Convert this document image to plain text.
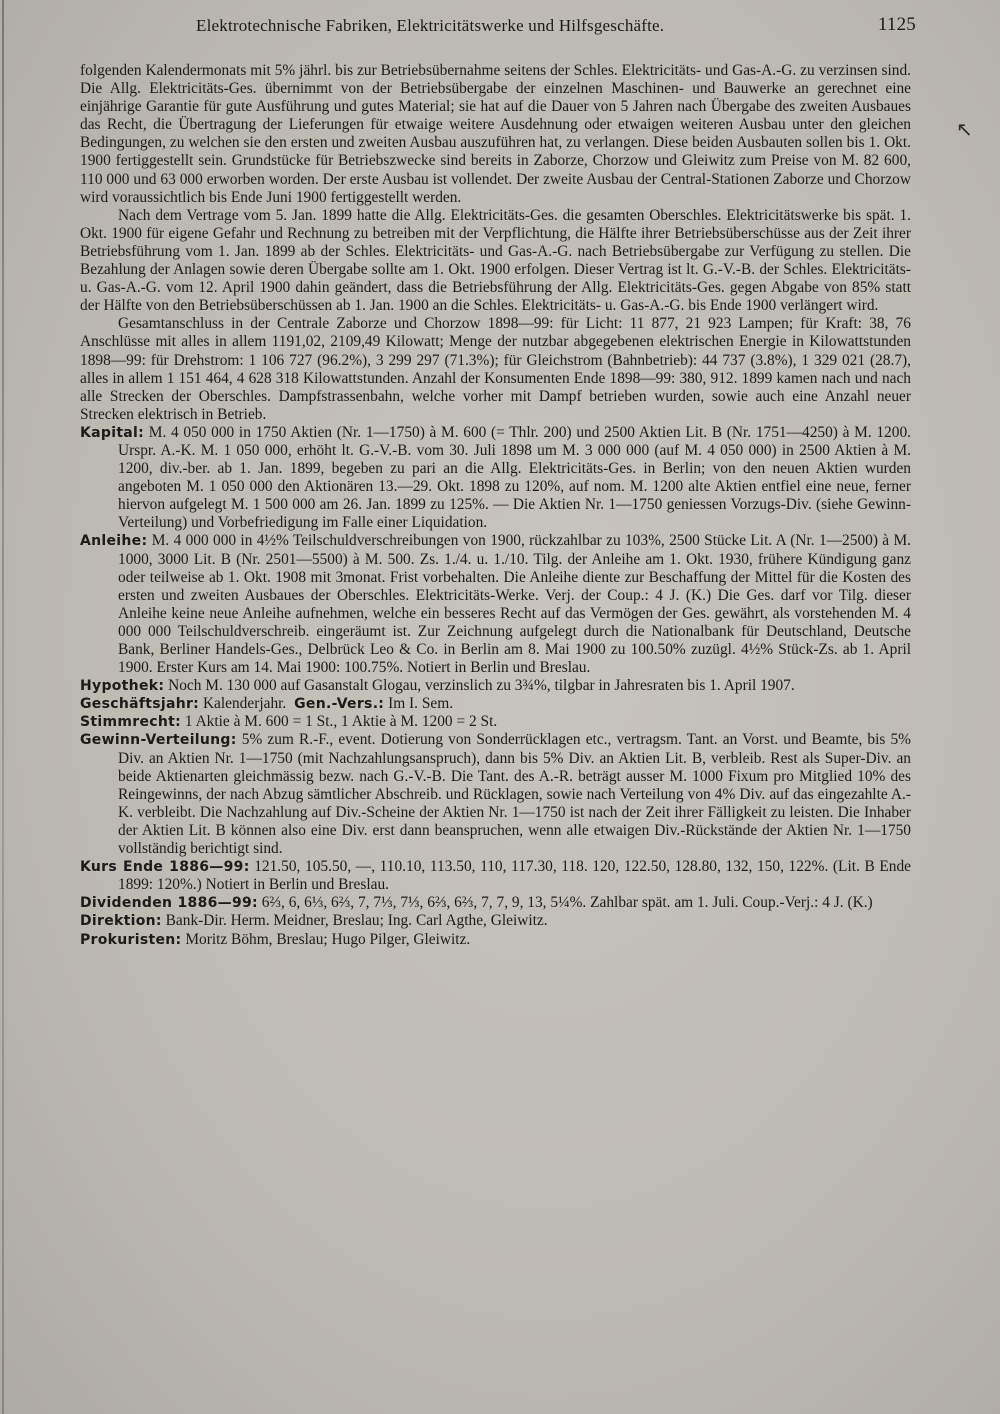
Elektrotechnische Fabriken, Elektricitätswerke und Hilfsgeschäfte.	1125
↖

folgenden Kalendermonats mit 5% jährl. bis zur Betriebsübernahme seitens der Schles. Elektricitäts- und Gas-A.-G. zu verzinsen sind. Die Allg. Elektricitäts-Ges. übernimmt von der Betriebsübergabe der einzelnen Maschinen- und Bauwerke an gerechnet eine einjährige Garantie für gute Ausführung und gutes Material; sie hat auf die Dauer von 5 Jahren nach Übergabe des zweiten Ausbaues das Recht, die Übertragung der Lieferungen für etwaige weitere Ausdehnung oder etwaigen weiteren Ausbau unter den gleichen Bedingungen, zu welchen sie den ersten und zweiten Ausbau auszuführen hat, zu verlangen. Diese beiden Ausbauten sollen bis 1. Okt. 1900 fertiggestellt sein. Grundstücke für Betriebszwecke sind bereits in Zaborze, Chorzow und Gleiwitz zum Preise von M. 82 600, 110 000 und 63 000 erworben worden. Der erste Ausbau ist vollendet. Der zweite Ausbau der Central-Stationen Zaborze und Chorzow wird voraussichtlich bis Ende Juni 1900 fertiggestellt werden.

Nach dem Vertrage vom 5. Jan. 1899 hatte die Allg. Elektricitäts-Ges. die gesamten Oberschles. Elektricitätswerke bis spät. 1. Okt. 1900 für eigene Gefahr und Rechnung zu betreiben mit der Verpflichtung, die Hälfte ihrer Betriebsüberschüsse aus der Zeit ihrer Betriebsführung vom 1. Jan. 1899 ab der Schles. Elektricitäts- und Gas-A.-G. nach Betriebsübergabe zur Verfügung zu stellen. Die Bezahlung der Anlagen sowie deren Übergabe sollte am 1. Okt. 1900 erfolgen. Dieser Vertrag ist lt. G.-V.-B. der Schles. Elektricitäts- u. Gas-A.-G. vom 12. April 1900 dahin geändert, dass die Betriebsführung der Allg. Elektricitäts-Ges. gegen Abgabe von 85% statt der Hälfte von den Betriebsüberschüssen ab 1. Jan. 1900 an die Schles. Elektricitäts- u. Gas-A.-G. bis Ende 1900 verlängert wird.

Gesamtanschluss in der Centrale Zaborze und Chorzow 1898—99: für Licht: 11 877, 21 923 Lampen; für Kraft: 38, 76 Anschlüsse mit alles in allem 1191,02, 2109,49 Kilowatt; Menge der nutzbar abgegebenen elektrischen Energie in Kilowattstunden 1898—99: für Drehstrom: 1 106 727 (96.2%), 3 299 297 (71.3%); für Gleichstrom (Bahnbetrieb): 44 737 (3.8%), 1 329 021 (28.7), alles in allem 1 151 464, 4 628 318 Kilowattstunden. Anzahl der Konsumenten Ende 1898—99: 380, 912. 1899 kamen nach und nach alle Strecken der Oberschles. Dampfstrassenbahn, welche vorher mit Dampf betrieben wurden, sowie auch eine Anzahl neuer Strecken elektrisch in Betrieb.

Kapital: M. 4 050 000 in 1750 Aktien (Nr. 1—1750) à M. 600 (= Thlr. 200) und 2500 Aktien Lit. B (Nr. 1751—4250) à M. 1200. Urspr. A.-K. M. 1 050 000, erhöht lt. G.-V.-B. vom 30. Juli 1898 um M. 3 000 000 (auf M. 4 050 000) in 2500 Aktien à M. 1200, div.-ber. ab 1. Jan. 1899, begeben zu pari an die Allg. Elektricitäts-Ges. in Berlin; von den neuen Aktien wurden angeboten M. 1 050 000 den Aktionären 13.—29. Okt. 1898 zu 120%, auf nom. M. 1200 alte Aktien entfiel eine neue, ferner hiervon aufgelegt M. 1 500 000 am 26. Jan. 1899 zu 125%. — Die Aktien Nr. 1—1750 geniessen Vorzugs-Div. (siehe Gewinn-Verteilung) und Vorbefriedigung im Falle einer Liquidation.

Anleihe: M. 4 000 000 in 4½% Teilschuldverschreibungen von 1900, rückzahlbar zu 103%, 2500 Stücke Lit. A (Nr. 1—2500) à M. 1000, 3000 Lit. B (Nr. 2501—5500) à M. 500. Zs. 1./4. u. 1./10. Tilg. der Anleihe am 1. Okt. 1930, frühere Kündigung ganz oder teilweise ab 1. Okt. 1908 mit 3monat. Frist vorbehalten. Die Anleihe diente zur Beschaffung der Mittel für die Kosten des ersten und zweiten Ausbaues der Oberschles. Elektricitäts-Werke. Verj. der Coup.: 4 J. (K.) Die Ges. darf vor Tilg. dieser Anleihe keine neue Anleihe aufnehmen, welche ein besseres Recht auf das Vermögen der Ges. gewährt, als vorstehenden M. 4 000 000 Teilschuldverschreib. eingeräumt ist. Zur Zeichnung aufgelegt durch die Nationalbank für Deutschland, Deutsche Bank, Berliner Handels-Ges., Delbrück Leo & Co. in Berlin am 8. Mai 1900 zu 100.50% zuzügl. 4½% Stück-Zs. ab 1. April 1900. Erster Kurs am 14. Mai 1900: 100.75%. Notiert in Berlin und Breslau.

Hypothek: Noch M. 130 000 auf Gasanstalt Glogau, verzinslich zu 3¾%, tilgbar in Jahresraten bis 1. April 1907.

Geschäftsjahr: Kalenderjahr. Gen.-Vers.: Im I. Sem.

Stimmrecht: 1 Aktie à M. 600 = 1 St., 1 Aktie à M. 1200 = 2 St.

Gewinn-Verteilung: 5% zum R.-F., event. Dotierung von Sonderrücklagen etc., vertragsm. Tant. an Vorst. und Beamte, bis 5% Div. an Aktien Nr. 1—1750 (mit Nachzahlungsanspruch), dann bis 5% Div. an Aktien Lit. B, verbleib. Rest als Super-Div. an beide Aktienarten gleichmässig bezw. nach G.-V.-B. Die Tant. des A.-R. beträgt ausser M. 1000 Fixum pro Mitglied 10% des Reingewinns, der nach Abzug sämtlicher Abschreib. und Rücklagen, sowie nach Verteilung von 4% Div. auf das eingezahlte A.-K. verbleibt. Die Nachzahlung auf Div.-Scheine der Aktien Nr. 1—1750 ist nach der Zeit ihrer Fälligkeit zu leisten. Die Inhaber der Aktien Lit. B können also eine Div. erst dann beanspruchen, wenn alle etwaigen Div.-Rückstände der Aktien Nr. 1—1750 vollständig berichtigt sind.

Kurs Ende 1886—99: 121.50, 105.50, —, 110.10, 113.50, 110, 117.30, 118. 120, 122.50, 128.80, 132, 150, 122%. (Lit. B Ende 1899: 120%.) Notiert in Berlin und Breslau.

Dividenden 1886—99: 6⅔, 6, 6⅓, 6⅔, 7, 7⅓, 7⅓, 6⅔, 6⅔, 7, 7, 9, 13, 5¼%. Zahlbar spät. am 1. Juli. Coup.-Verj.: 4 J. (K.)

Direktion: Bank-Dir. Herm. Meidner, Breslau; Ing. Carl Agthe, Gleiwitz.

Prokuristen: Moritz Böhm, Breslau; Hugo Pilger, Gleiwitz.
